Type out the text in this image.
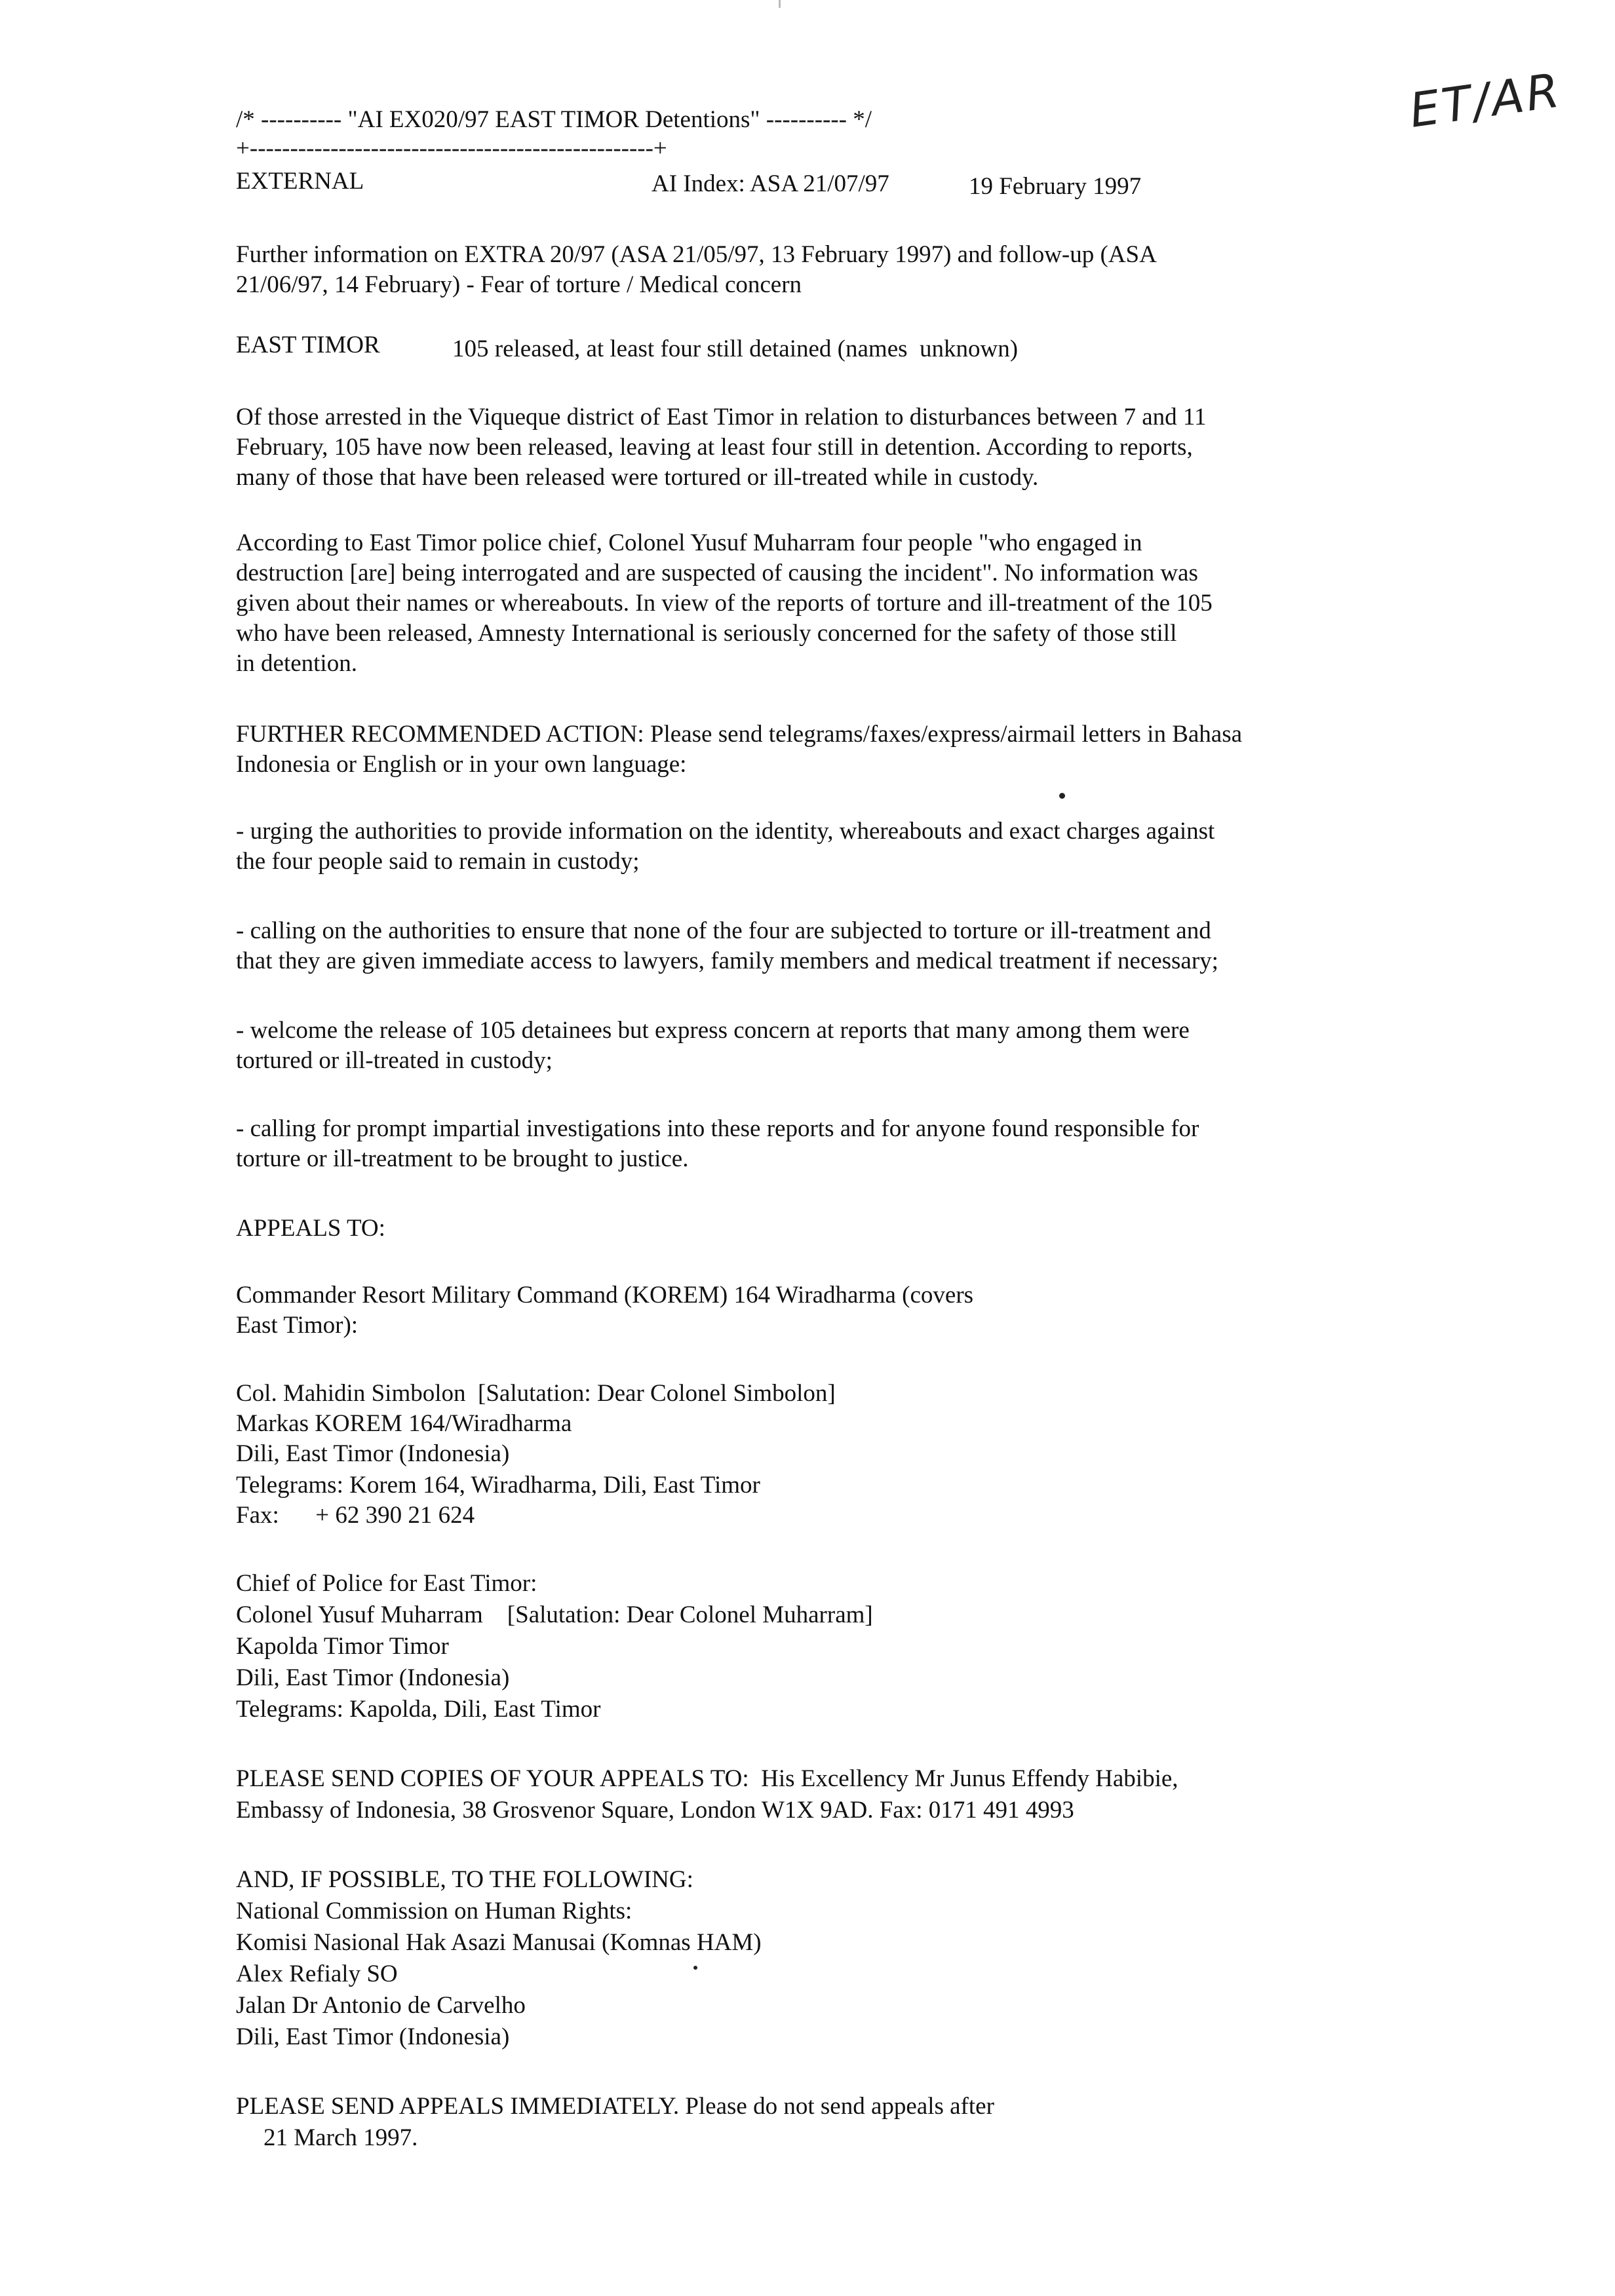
ET/AR
/* ---------- "AI EX020/97 EAST TIMOR Detentions" ---------- */
+--------------------------------------------------+
EXTERNAL	AI Index: ASA 21/07/97	19 February 1997
Further information on EXTRA 20/97 (ASA 21/05/97, 13 February 1997) and follow-up (ASA
21/06/97, 14 February) - Fear of torture / Medical concern
EAST TIMOR	105 released, at least four still detained (names  unknown)
Of those arrested in the Viqueque district of East Timor in relation to disturbances between 7 and 11
February, 105 have now been released, leaving at least four still in detention. According to reports,
many of those that have been released were tortured or ill-treated while in custody.
According to East Timor police chief, Colonel Yusuf Muharram four people "who engaged in
destruction [are] being interrogated and are suspected of causing the incident". No information was
given about their names or whereabouts. In view of the reports of torture and ill-treatment of the 105
who have been released, Amnesty International is seriously concerned for the safety of those still
in detention.
FURTHER RECOMMENDED ACTION: Please send telegrams/faxes/express/airmail letters in Bahasa
Indonesia or English or in your own language:
- urging the authorities to provide information on the identity, whereabouts and exact charges against
the four people said to remain in custody;
- calling on the authorities to ensure that none of the four are subjected to torture or ill-treatment and
that they are given immediate access to lawyers, family members and medical treatment if necessary;
- welcome the release of 105 detainees but express concern at reports that many among them were
tortured or ill-treated in custody;
- calling for prompt impartial investigations into these reports and for anyone found responsible for
torture or ill-treatment to be brought to justice.
APPEALS TO:
Commander Resort Military Command (KOREM) 164 Wiradharma (covers
East Timor):
Col. Mahidin Simbolon  [Salutation: Dear Colonel Simbolon]
Markas KOREM 164/Wiradharma
Dili, East Timor (Indonesia)
Telegrams: Korem 164, Wiradharma, Dili, East Timor
Fax:      + 62 390 21 624
Chief of Police for East Timor:
Colonel Yusuf Muharram    [Salutation: Dear Colonel Muharram]
Kapolda Timor Timor
Dili, East Timor (Indonesia)
Telegrams: Kapolda, Dili, East Timor
PLEASE SEND COPIES OF YOUR APPEALS TO:  His Excellency Mr Junus Effendy Habibie,
Embassy of Indonesia, 38 Grosvenor Square, London W1X 9AD. Fax: 0171 491 4993
AND, IF POSSIBLE, TO THE FOLLOWING:
National Commission on Human Rights:
Komisi Nasional Hak Asazi Manusai (Komnas HAM)
Alex Refialy SO
Jalan Dr Antonio de Carvelho
Dili, East Timor (Indonesia)
PLEASE SEND APPEALS IMMEDIATELY. Please do not send appeals after
21 March 1997.
